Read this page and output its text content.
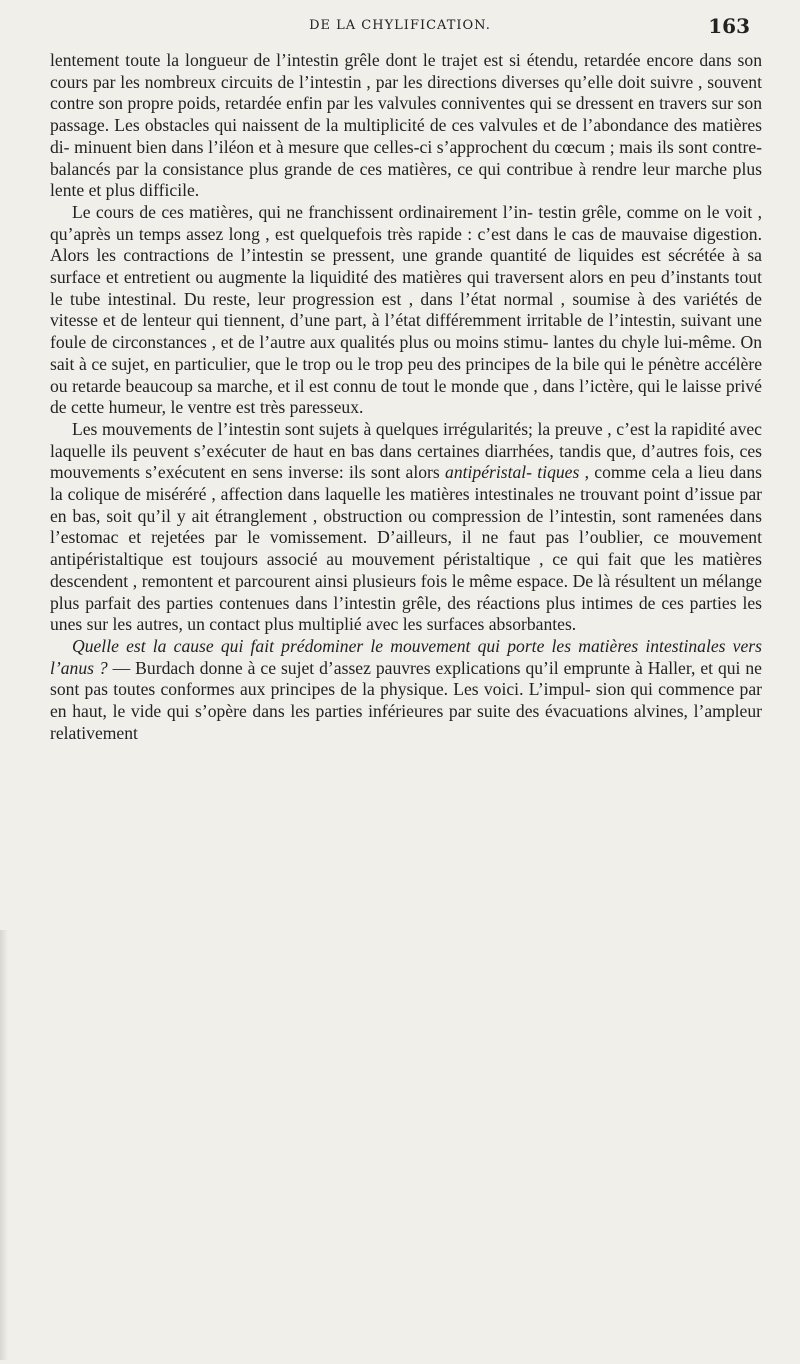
DE LA CHYLIFICATION.	163

lentement toute la longueur de l’intestin grêle dont le trajet est si étendu, retardée encore dans son cours par les nombreux circuits de l’intestin , par les directions diverses qu’elle doit suivre , souvent contre son propre poids, retardée enfin par les valvules conniventes qui se dressent en travers sur son passage. Les obstacles qui naissent de la multiplicité de ces valvules et de l’abondance des matières di- minuent bien dans l’iléon et à mesure que celles-ci s’approchent du cœcum ; mais ils sont contre-balancés par la consistance plus grande de ces matières, ce qui contribue à rendre leur marche plus lente et plus difficile.

Le cours de ces matières, qui ne franchissent ordinairement l’in- testin grêle, comme on le voit , qu’après un temps assez long , est quelquefois très rapide : c’est dans le cas de mauvaise digestion. Alors les contractions de l’intestin se pressent, une grande quantité de liquides est sécrétée à sa surface et entretient ou augmente la liquidité des matières qui traversent alors en peu d’instants tout le tube intestinal. Du reste, leur progression est , dans l’état normal , soumise à des variétés de vitesse et de lenteur qui tiennent, d’une part, à l’état différemment irritable de l’intestin, suivant une foule de circonstances , et de l’autre aux qualités plus ou moins stimu- lantes du chyle lui-même. On sait à ce sujet, en particulier, que le trop ou le trop peu des principes de la bile qui le pénètre accélère ou retarde beaucoup sa marche, et il est connu de tout le monde que , dans l’ictère, qui le laisse privé de cette humeur, le ventre est très paresseux.

Les mouvements de l’intestin sont sujets à quelques irrégularités; la preuve , c’est la rapidité avec laquelle ils peuvent s’exécuter de haut en bas dans certaines diarrhées, tandis que, d’autres fois, ces mouvements s’exécutent en sens inverse: ils sont alors antipéristal- tiques , comme cela a lieu dans la colique de miséréré , affection dans laquelle les matières intestinales ne trouvant point d’issue par en bas, soit qu’il y ait étranglement , obstruction ou compression de l’intestin, sont ramenées dans l’estomac et rejetées par le vomissement. D’ailleurs, il ne faut pas l’oublier, ce mouvement antipéristaltique est toujours associé au mouvement péristaltique , ce qui fait que les matières descendent , remontent et parcourent ainsi plusieurs fois le même espace. De là résultent un mélange plus parfait des parties contenues dans l’intestin grêle, des réactions plus intimes de ces parties les unes sur les autres, un contact plus multiplié avec les surfaces absorbantes.

Quelle est la cause qui fait prédominer le mouvement qui porte les matières intestinales vers l’anus ? — Burdach donne à ce sujet d’assez pauvres explications qu’il emprunte à Haller, et qui ne sont pas toutes conformes aux principes de la physique. Les voici. L’impul- sion qui commence par en haut, le vide qui s’opère dans les parties inférieures par suite des évacuations alvines, l’ampleur relativement
